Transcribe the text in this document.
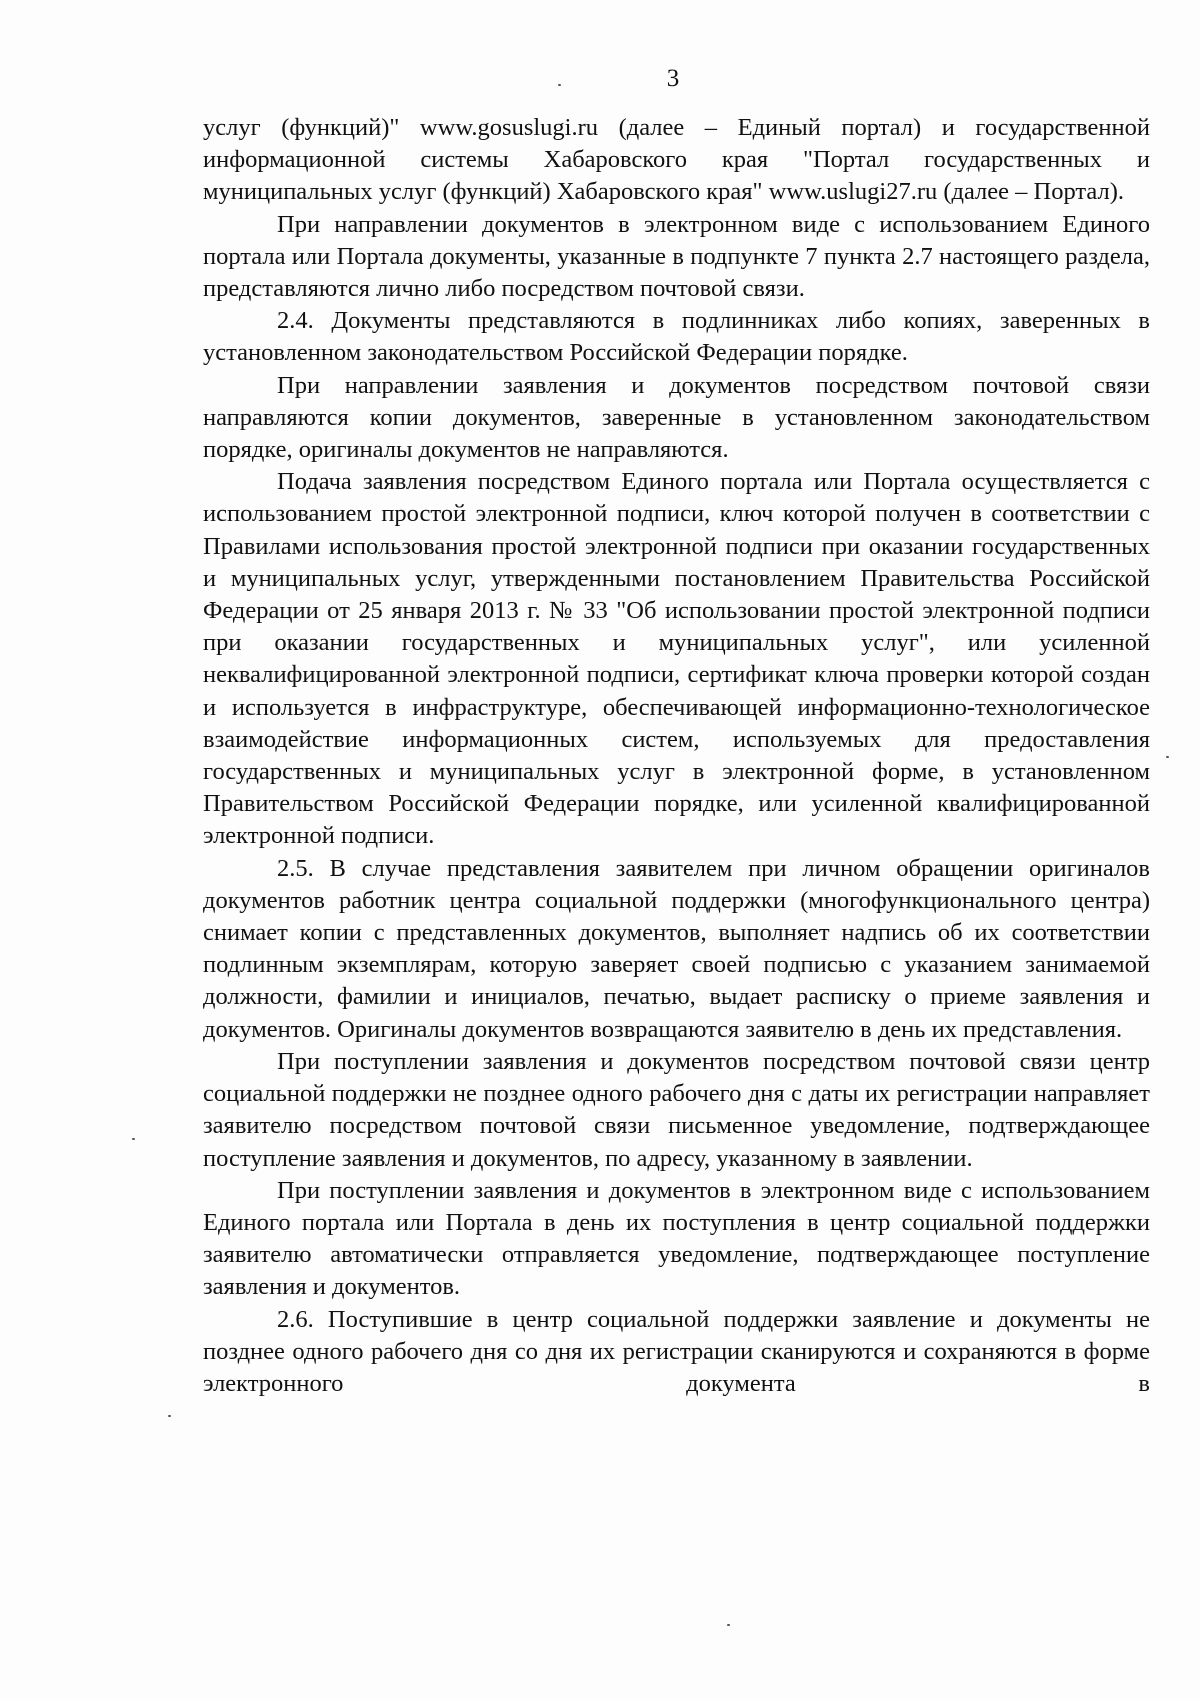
3

услуг (функций)" www.gosuslugi.ru (далее – Единый портал) и государственной информационной системы Хабаровского края "Портал государственных и муниципальных услуг (функций) Хабаровского края" www.uslugi27.ru (далее – Портал).

При направлении документов в электронном виде с использованием Единого портала или Портала документы, указанные в подпункте 7 пункта 2.7 настоящего раздела, представляются лично либо посредством почтовой связи.

2.4. Документы представляются в подлинниках либо копиях, заверенных в установленном законодательством Российской Федерации порядке.

При направлении заявления и документов посредством почтовой связи направляются копии документов, заверенные в установленном законодательством порядке, оригиналы документов не направляются.

Подача заявления посредством Единого портала или Портала осуществляется с использованием простой электронной подписи, ключ которой получен в соответствии с Правилами использования простой электронной подписи при оказании государственных и муниципальных услуг, утвержденными постановлением Правительства Российской Федерации от 25 января 2013 г. № 33 "Об использовании простой электронной подписи при оказании государственных и муниципальных услуг", или усиленной неквалифицированной электронной подписи, сертификат ключа проверки которой создан и используется в инфраструктуре, обеспечивающей информационно-технологическое взаимодействие информационных систем, используемых для предоставления государственных и муниципальных услуг в электронной форме, в установленном Правительством Российской Федерации порядке, или усиленной квалифицированной электронной подписи.

2.5. В случае представления заявителем при личном обращении оригиналов документов работник центра социальной поддержки (многофункционального центра) снимает копии с представленных документов, выполняет надпись об их соответствии подлинным экземплярам, которую заверяет своей подписью с указанием занимаемой должности, фамилии и инициалов, печатью, выдает расписку о приеме заявления и документов. Оригиналы документов возвращаются заявителю в день их представления.

При поступлении заявления и документов посредством почтовой связи центр социальной поддержки не позднее одного рабочего дня с даты их регистрации направляет заявителю посредством почтовой связи письменное уведомление, подтверждающее поступление заявления и документов, по адресу, указанному в заявлении.

При поступлении заявления и документов в электронном виде с использованием Единого портала или Портала в день их поступления в центр социальной поддержки заявителю автоматически отправляется уведомление, подтверждающее поступление заявления и документов.

2.6. Поступившие в центр социальной поддержки заявление и документы не позднее одного рабочего дня со дня их регистрации сканируются и сохраняются в форме электронного документа в
